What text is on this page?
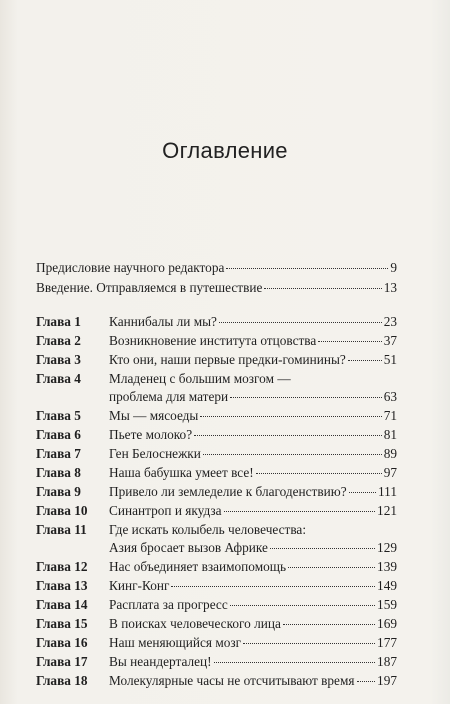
Оглавление
Предисловие научного редактора	9
Введение. Отправляемся в путешествие	13
Глава 1	Каннибалы ли мы?	23
Глава 2	Возникновение института отцовства	37
Глава 3	Кто они, наши первые предки-гоминины?	51
Глава 4	Младенец с большим мозгом —
проблема для матери	63
Глава 5	Мы — мясоеды	71
Глава 6	Пьете молоко?	81
Глава 7	Ген Белоснежки	89
Глава 8	Наша бабушка умеет все!	97
Глава 9	Привело ли земледелие к благоденствию? 111
Глава 10	Синантроп и якудза	121
Глава 11	Где искать колыбель человечества:
Азия бросает вызов Африке	129
Глава 12	Нас объединяет взаимопомощь	139
Глава 13	Кинг-Конг	149
Глава 14	Расплата за прогресс	159
Глава 15	В поисках человеческого лица	169
Глава 16	Наш меняющийся мозг	177
Глава 17	Вы неандерталец!	187
Глава 18	Молекулярные часы не отсчитывают время 197
